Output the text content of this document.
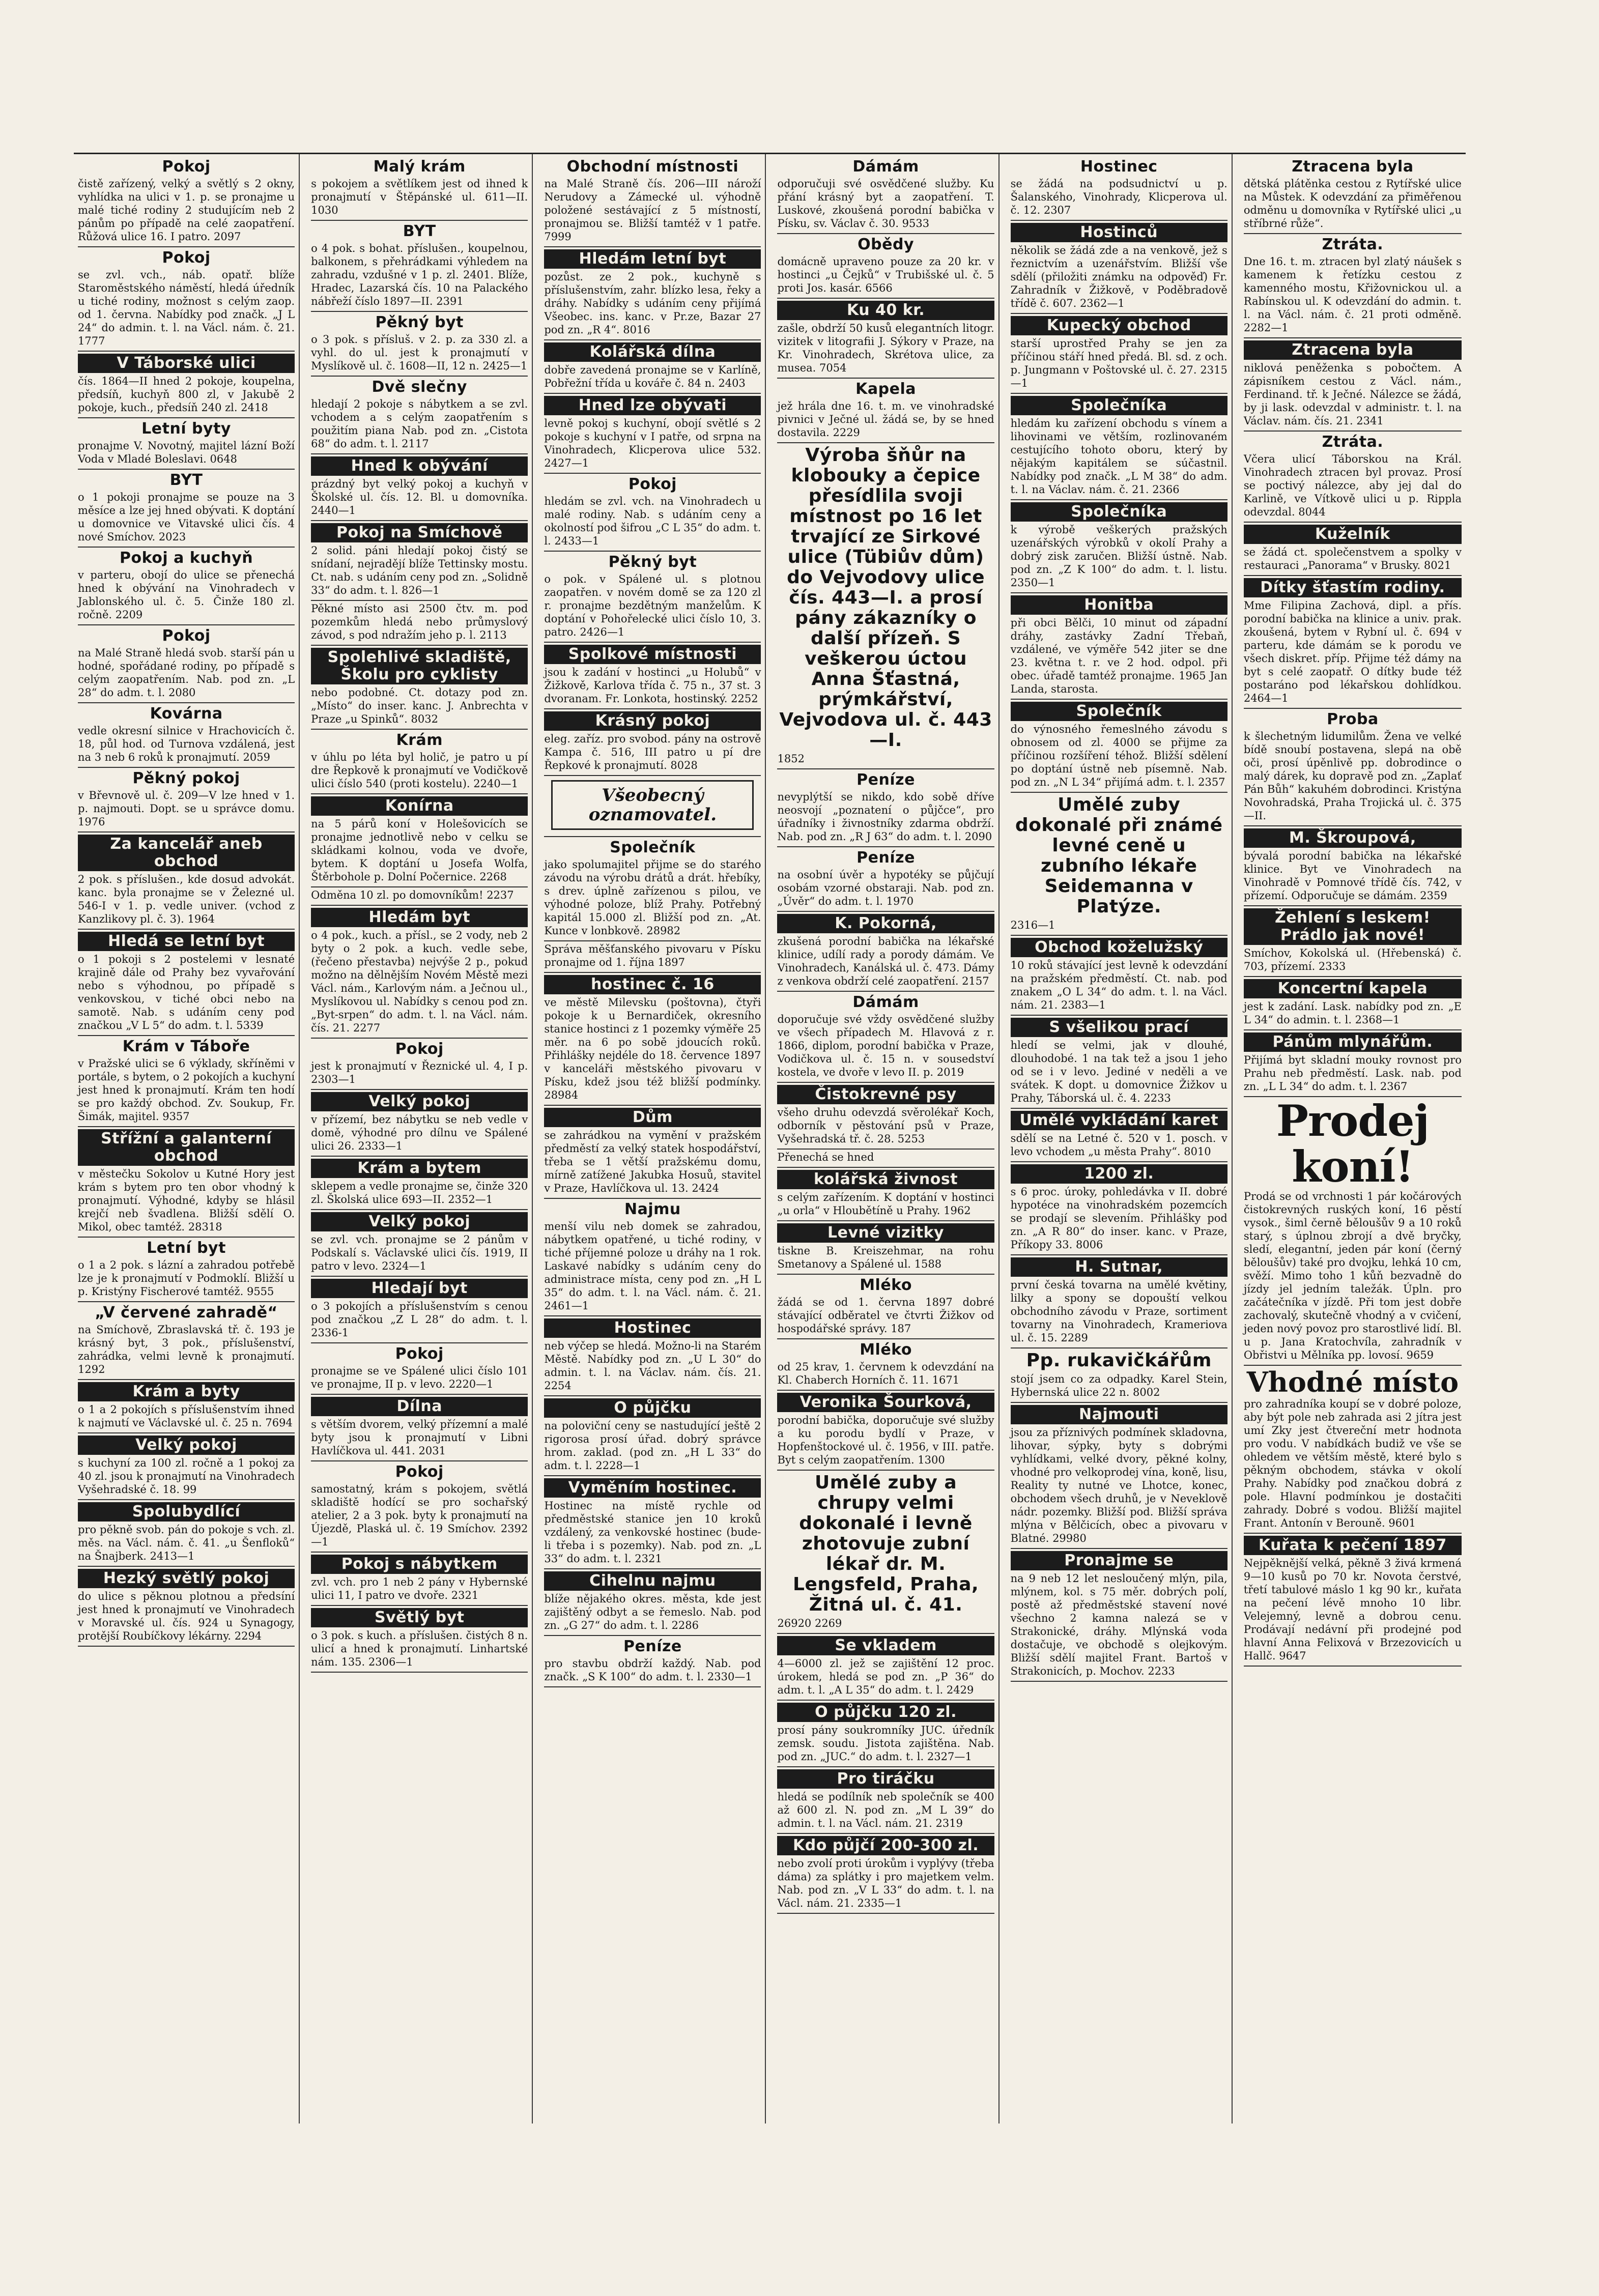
Pokoj

čistě zařízený, velký a světlý s 2 okny, vyhlídka na ulici v 1. p. se pronajme u malé tiché rodiny 2 studujícím neb 2 pánům po případě na celé zaopatření. Růžová ulice 16. I patro. 2097

Pokoj

se zvl. vch., náb. opatř. blíže Staroměstského náměstí, hledá úředník u tiché rodiny, možnost s celým zaop. od 1. června. Nabídky pod značk. „J L 24“ do admin. t. l. na Václ. nám. č. 21. 1777

V Táborské ulici

čís. 1864—II hned 2 pokoje, koupelna, předsíň, kuchyň 800 zl, v Jakubě 2 pokoje, kuch., předsíň 240 zl. 2418

Letní byty

pronajme V. Novotný, majitel lázní Boží Voda v Mladé Boleslavi. 0648

BYT

o 1 pokoji pronajme se pouze na 3 měsíce a lze jej hned obývati. K doptání u domovnice ve Vitavské ulici čís. 4 nové Smíchov. 2023

Pokoj a kuchyň

v parteru, obojí do ulice se přenechá hned k obývání na Vinohradech v Jablonského ul. č. 5. Činže 180 zl. ročně. 2209

Pokoj

na Malé Straně hledá svob. starší pán u hodné, spořádané rodiny, po případě s celým zaopatřením. Nab. pod zn. „L 28“ do adm. t. l. 2080

Kovárna

vedle okresní silnice v Hrachovicích č. 18, půl hod. od Turnova vzdálená, jest na 3 neb 6 roků k pronajmutí. 2059

Pěkný pokoj

v Břevnově ul. č. 209—V lze hned v 1. p. najmouti. Dopt. se u správce domu. 1976

Za kancelář aneb obchod

2 pok. s příslušen., kde dosud advokát. kanc. byla pronajme se v Železné ul. 546-I v 1. p. vedle univer. (vchod z Kanzlikovy pl. č. 3). 1964

Hledá se letní byt

o 1 pokoji s 2 postelemi v lesnaté krajině dále od Prahy bez vyvařování nebo s výhodnou, po případě s venkovskou, v tiché obci nebo na samotě. Nab. s udáním ceny pod značkou „V L 5“ do adm. t. l. 5339

Krám v Táboře

v Pražské ulici se 6 výklady, skříněmi v portále, s bytem, o 2 pokojích a kuchyní jest hned k pronajmutí. Krám ten hodí se pro každý obchod. Zv. Soukup, Fr. Šimák, majitel. 9357

Střížní a galanterní obchod

v městečku Sokolov u Kutné Hory jest krám s bytem pro ten obor vhodný k pronajmutí. Výhodné, kdyby se hlásil krejčí neb švadlena. Bližší sdělí O. Mikol, obec tamtéž. 28318

Letní byt

o 1 a 2 pok. s lázní a zahradou potřebě lze je k pronajmutí v Podmoklí. Bližší u p. Kristýny Fischerové tamtéž. 9555

„V červené zahradě“

na Smíchově, Zbraslavská tř. č. 193 je krásný byt, 3 pok., příslušenství, zahrádka, velmi levně k pronajmutí. 1292

Krám a byty

o 1 a 2 pokojích s příslušenstvím ihned k najmutí ve Václavské ul. č. 25 n. 7694

Velký pokoj

s kuchyní za 100 zl. ročně a 1 pokoj za 40 zl. jsou k pronajmutí na Vinohradech Vyšehradské č. 18. 99

Spolubydlící

pro pěkně svob. pán do pokoje s vch. zl. měs. na Václ. nám. č. 41. „u Šenfloků“ na Šnajberk. 2413—1

Hezký světlý pokoj

do ulice s pěknou plotnou a předsíní jest hned k pronajmutí ve Vinohradech v Moravské ul. čís. 924 u Synagogy, protější Roubíčkovy lékárny. 2294

Malý krám

s pokojem a světlíkem jest od ihned k pronajmutí v Štěpánské ul. 611—II. 1030

BYT

o 4 pok. s bohat. příslušen., koupelnou, balkonem, s přehrádkami výhledem na zahradu, vzdušné v 1 p. zl. 2401. Blíže, Hradec, Lazarská čís. 10 na Palackého nábřeží číslo 1897—II. 2391

Pěkný byt

o 3 pok. s přísluš. v 2. p. za 330 zl. a vyhl. do ul. jest k pronajmutí v Myslíkově ul. č. 1608—II, 12 n. 2425—1

Dvě slečny

hledají 2 pokoje s nábytkem a se zvl. vchodem a s celým zaopatřením s použitím piana Nab. pod zn. „Cistota 68“ do adm. t. l. 2117

Hned k obývání

prázdný byt velký pokoj a kuchyň v Školské ul. čís. 12. Bl. u domovníka. 2440—1

Pokoj na Smíchově

2 solid. páni hledají pokoj čistý se snídaní, nejradějí blíže Tettinsky mostu. Ct. nab. s udáním ceny pod zn. „Solidně 33“ do adm. t. l. 826—1

Pěkné místo asi 2500 čtv. m. pod pozemkům hledá nebo průmyslový závod, s pod ndražím jeho p. l. 2113

Spolehlivé skladiště, Školu pro cyklisty

nebo podobné. Ct. dotazy pod zn. „Místo“ do inser. kanc. J. Anbrechta v Praze „u Spinků“. 8032

Krám

v úhlu po léta byl holič, je patro u pí dre Řepkově k pronajmutí ve Vodičkově ulici číslo 540 (proti kostelu). 2240—1

Konírna

na 5 párů koní v Holešovicích se pronajme jednotlivě nebo v celku se skládkami kolnou, voda ve dvoře, bytem. K doptání u Josefa Wolfa, Štěrbohole p. Dolní Počernice. 2268

Odměna 10 zl. po domovníkům! 2237

Hledám byt

o 4 pok., kuch. a přísl., se 2 vody, neb 2 byty o 2 pok. a kuch. vedle sebe, (řečeno přestavba) nejvýše 2 p., pokud možno na dělnějším Novém Městě mezi Václ. nám., Karlovým nám. a Ječnou ul., Myslíkovou ul. Nabídky s cenou pod zn. „Byt-srpen“ do adm. t. l. na Václ. nám. čís. 21. 2277

Pokoj

jest k pronajmutí v Řeznické ul. 4, I p. 2303—1

Velký pokoj

v přízemí, bez nábytku se neb vedle v domě, výhodné pro dílnu ve Spálené ulici 26. 2333—1

Krám a bytem

sklepem a vedle pronajme se, činže 320 zl. Školská ulice 693—II. 2352—1

Velký pokoj

se zvl. vch. pronajme se 2 pánům v Podskalí s. Václavské ulici čís. 1919, II patro v levo. 2324—1

Hledají byt

o 3 pokojích a příslušenstvím s cenou pod značkou „Z L 28“ do adm. t. l. 2336-1

Pokoj

pronajme se ve Spálené ulici číslo 101 ve pronajme, II p. v levo. 2220—1

Dílna

s větším dvorem, velký přízemní a malé byty jsou k pronajmutí v Libni Havlíčkova ul. 441. 2031

Pokoj

samostatný, krám s pokojem, světlá skladiště hodící se pro sochařský atelier, 2 a 3 pok. byty k pronajmutí na Újezdě, Plaská ul. č. 19 Smíchov. 2392—1

Pokoj s nábytkem

zvl. vch. pro 1 neb 2 pány v Hybernské ulici 11, I patro ve dvoře. 2321

Světlý byt

o 3 pok. s kuch. a příslušen. čistých 8 n. ulicí a hned k pronajmutí. Linhartské nám. 135. 2306—1

Obchodní místnosti

na Malé Straně čís. 206—III nároží Nerudovy a Zámecké ul. výhodně položené sestávající z 5 místností, pronajmou se. Bližší tamtéž v 1 patře. 7999

Hledám letní byt

pozůst. ze 2 pok., kuchyně s příslušenstvím, zahr. blízko lesa, řeky a dráhy. Nabídky s udáním ceny přijímá Všeobec. ins. kanc. v Pr.ze, Bazar 27 pod zn. „R 4“. 8016

Kolářská dílna

dobře zavedená pronajme se v Karlíně, Pobřežní třída u kováře č. 84 n. 2403

Hned lze obývati

levně pokoj s kuchyní, obojí světlé s 2 pokoje s kuchyní v I patře, od srpna na Vinohradech, Klicperova ulice 532. 2427—1

Pokoj

hledám se zvl. vch. na Vinohradech u malé rodiny. Nab. s udáním ceny a okolností pod šifrou „C L 35“ do adm. t. l. 2433—1

Pěkný byt

o pok. v Spálené ul. s plotnou zaopatřen. v novém domě se za 120 zl r. pronajme bezdětným manželům. K doptání v Pohořelecké ulici číslo 10, 3. patro. 2426—1

Spolkové místnosti

jsou k zadání v hostinci „u Holubů“ v Žižkově, Karlova třída č. 75 n., 37 st. 3 dvoranam. Fr. Lonkota, hostinský. 2252

Krásný pokoj

eleg. zaříz. pro svobod. pány na ostrově Kampa č. 516, III patro u pí dre Řepkové k pronajmutí. 8028

Všeobecný oznamovatel.
Společník

jako spolumajitel přijme se do starého závodu na výrobu drátů a drát. hřebíky, s drev. úplně zařízenou s pilou, ve výhodné poloze, blíž Prahy. Potřebný kapitál 15.000 zl. Bližší pod zn. „At. Kunce v lonbkově. 28982

Správa měšťanského pivovaru v Písku pronajme od 1. října 1897

hostinec č. 16

ve městě Milevsku (poštovna), čtyři pokoje k u Bernardiček, okresního stanice hostinci z 1 pozemky výměře 25 měr. na 6 po sobě jdoucích roků. Přihlášky nejdéle do 18. července 1897 v kanceláři městského pivovaru v Písku, kdež jsou též bližší podmínky. 28984

Dům

se zahrádkou na vymění v pražském předměstí za velký statek hospodářství, třeba se 1 větší pražskému domu, mírně zatížené Jakubka Hosuů, stavitel v Praze, Havlíčkova ul. 13. 2424

Najmu

menší vilu neb domek se zahradou, nábytkem opatřené, u tiché rodiny, v tiché příjemné poloze u dráhy na 1 rok. Laskavé nabídky s udáním ceny do administrace místa, ceny pod zn. „H L 35“ do adm. t. l. na Václ. nám. č. 21. 2461—1

Hostinec

neb výčep se hledá. Možno-li na Starém Městě. Nabídky pod zn. „U L 30“ do admin. t. l. na Václav. nám. čís. 21. 2254

O půjčku

na poloviční ceny se nastudující ještě 2 rigorosa prosí úřad. dobrý správce hrom. zaklad. (pod zn. „H L 33“ do adm. t. l. 2228—1

Vyměním hostinec.

Hostinec na místě rychle od předměstské stanice jen 10 kroků vzdálený, za venkovské hostinec (bude-li třeba i s pozemky). Nab. pod zn. „L 33“ do adm. t. l. 2321

Cihelnu najmu

blíže nějakého okres. města, kde jest zajištěný odbyt a se řemeslo. Nab. pod zn. „G 27“ do adm. t. l. 2286

Peníze

pro stavbu obdrží každý. Nab. pod značk. „S K 100“ do adm. t. l. 2330—1

Dámám

odporučuji své osvědčené služby. Ku přání krásný byt a zaopatření. T. Luskové, zkoušená porodní babička v Písku, sv. Václav č. 30. 9533

Obědy

domácně upraveno pouze za 20 kr. v hostinci „u Čejků“ v Trubišské ul. č. 5 proti Jos. kasár. 6566

Ku 40 kr.

zašle, obdrží 50 kusů elegantních litogr. vizitek v litografii J. Sýkory v Praze, na Kr. Vinohradech, Skrétova ulice, za musea. 7054

Kapela

jež hrála dne 16. t. m. ve vinohradské pivnici v Ječné ul. žádá se, by se hned dostavila. 2229

Výroba šňůr na klobouky a čepice přesídlila svoji místnost po 16 let trvající ze Sirkové ulice (Tübiův dům) do Vejvodovy ulice čís. 443—I. a prosí pány zákazníky o další přízeň. S veškerou úctou Anna Šťastná, prýmkářství, Vejvodova ul. č. 443—I.

1852

Peníze

nevyplýtší se nikdo, kdo sobě dříve neosvojí „poznatení o půjčce“, pro úřadníky i živnostníky zdarma obdrží. Nab. pod zn. „R J 63“ do adm. t. l. 2090

Peníze

na osobní úvěr a hypotéky se půjčují osobám vzorné obstaraji. Nab. pod zn. „Úvěr“ do adm. t. l. 1970

K. Pokorná,

zkušená porodní babička na lékařské klinice, udílí rady a porody dámám. Ve Vinohradech, Kanálská ul. č. 473. Dámy z venkova obdrží celé zaopatření. 2157

Dámám

doporučuje své vždy osvědčené služby ve všech případech M. Hlavová z r. 1866, diplom, porodní babička v Praze, Vodičkova ul. č. 15 n. v sousedství kostela, ve dvoře v levo II. p. 2019

Čistokrevné psy

všeho druhu odevzdá svěrolékař Koch, odborník v pěstování psů v Praze, Vyšehradská tř. č. 28. 5253

Přenechá se hned

kolářská živnost

s celým zařízením. K doptání v hostinci „u orla“ v Hloubětíně u Prahy. 1962

Levné vizitky

tiskne B. Kreiszehmar, na rohu Smetanovy a Spálené ul. 1588

Mléko

žádá se od 1. června 1897 dobré stávající odběratel ve čtvrti Žižkov od hospodářské správy. 187

Mléko

od 25 krav, 1. červnem k odevzdání na Kl. Chaberch Horních č. 11. 1671

Veronika Šourková,

porodní babička, doporučuje své služby a ku porodu bydlí v Praze, v Hopfenštockové ul. č. 1956, v III. patře. Byt s celým zaopatřením. 1300

Umělé zuby a chrupy velmi dokonalé i levně zhotovuje zubní lékař dr. M. Lengsfeld, Praha, Žitná ul. č. 41.

26920 2269

Se vkladem

4—6000 zl. jež se zajištění 12 proc. úrokem, hledá se pod zn. „P 36“ do adm. t. l. „A L 35“ do adm. t. l. 2429

O půjčku 120 zl.

prosí pány soukromníky JUC. úředník zemsk. soudu. Jistota zajištěna. Nab. pod zn. „JUC.“ do adm. t. l. 2327—1

Pro tiráčku

hledá se podílník neb společník se 400 až 600 zl. N. pod zn. „M L 39“ do admin. t. l. na Václ. nám. 21. 2319

Kdo půjčí 200-300 zl.

nebo zvolí proti úrokům i vyplývy (třeba dáma) za splátky i pro majetkem velm. Nab. pod zn. „V L 33“ do adm. t. l. na Václ. nám. 21. 2335—1

Hostinec

se žádá na podsudnictví u p. Šalanského, Vinohrady, Klicperova ul. č. 12. 2307

Hostinců

několik se žádá zde a na venkově, jež s řeznictvím a uzenářstvím. Bližší vše sdělí (přiložiti známku na odpověď) Fr. Zahradník v Žižkově, v Poděbradově třídě č. 607. 2362—1

Kupecký obchod

starší uprostřed Prahy se jen za příčinou stáří hned předá. Bl. sd. z och. p. Jungmann v Poštovské ul. č. 27. 2315—1

Společníka

hledám ku zařízení obchodu s vínem a lihovinami ve větším, rozlinovaném cestujícího tohoto oboru, který by nějakým kapitálem se súčastnil. Nabídky pod značk. „L M 38“ do adm. t. l. na Václav. nám. č. 21. 2366

Společníka

k výrobě veškerých pražských uzenářských výrobků v okolí Prahy a dobrý zisk zaručen. Bližší ústně. Nab. pod zn. „Z K 100“ do adm. t. l. listu. 2350—1

Honitba

při obci Bělči, 10 minut od západní dráhy, zastávky Zadní Třebaň, vzdálené, ve výměře 542 jiter se dne 23. května t. r. ve 2 hod. odpol. při obec. úřadě tamtéž pronajme. 1965 Jan Landa, starosta.

Společník

do výnosného řemeslného závodu s obnosem od zl. 4000 se přijme za příčinou rozšíření téhož. Bližší sdělení po doptání ústně neb písemně. Nab. pod zn. „N L 34“ přijímá adm. t. l. 2357

Umělé zuby dokonalé při známé levné ceně u zubního lékaře Seidemanna v Platýze.

2316—1

Obchod koželužský

10 roků stávající jest levně k odevzdání na pražském předměstí. Ct. nab. pod znakem „O L 34“ do adm. t. l. na Václ. nám. 21. 2383—1

S všelikou prací

hledí se velmi, jak v dlouhé, dlouhodobé. 1 na tak tež a jsou 1 jeho od se i v levo. Jediné v neděli a ve svátek. K dopt. u domovnice Žižkov u Prahy, Táborská ul. č. 4. 2233

Umělé vykládání karet

sdělí se na Letné č. 520 v 1. posch. v levo vchodem „u města Prahy“. 8010

1200 zl.

s 6 proc. úroky, pohledávka v II. dobré hypotéce na vinohradském pozemcích se prodají se slevením. Přihlášky pod zn. „A R 80“ do inser. kanc. v Praze, Příkopy 33. 8006

H. Sutnar,

první česká tovarna na umělé květiny, lilky a spony se dopouští velkou obchodního závodu v Praze, sortiment tovarny na Vinohradech, Krameriova ul. č. 15. 2289

Pp. rukavičkářům

stojí jsem co za odpadky. Karel Stein, Hybernská ulice 22 n. 8002

Najmouti

jsou za příznivých podmínek skladovna, lihovar, sýpky, byty s dobrými vyhlídkami, velké dvory, pěkné kolny, vhodné pro velkoprodej vína, koně, lisu, Reality ty nutné ve Lhotce, konec, obchodem všech druhů, je v Neveklově nádr. pozemky. Bližší pod. Bližší správa mlýna v Bělčicích, obec a pivovaru v Blatné. 29980

Pronajme se

na 9 neb 12 let nesloučený mlýn, pila, mlýnem, kol. s 75 měr. dobrých polí, postě až předměstské stavení nové všechno 2 kamna nalezá se v Strakonické, dráhy. Mlýnská voda dostačuje, ve obchodě s olejkovým. Bližší sdělí majitel Frant. Bartoš v Strakonicích, p. Mochov. 2233

Ztracena byla

dětská plátěnka cestou z Rytířské ulice na Můstek. K odevzdání za přiměřenou odměnu u domovníka v Rytířské ulici „u stříbrné růže“.

Ztráta.

Dne 16. t. m. ztracen byl zlatý náušek s kamenem k řetízku cestou z kamenného mostu, Křižovnickou ul. a Rabínskou ul. K odevzdání do admin. t. l. na Václ. nám. č. 21 proti odměně. 2282—1

Ztracena byla

niklová peněženka s pobočtem. A zápisníkem cestou z Václ. nám., Ferdinand. tř. k Ječné. Nálezce se žádá, by ji lask. odevzdal v administr. t. l. na Václav. nám. čís. 21. 2341

Ztráta.

Včera ulicí Táborskou na Král. Vinohradech ztracen byl provaz. Prosí se poctivý nálezce, aby jej dal do Karlině, ve Vítkově ulici u p. Rippla odevzdal. 8044

Kuželník

se žádá ct. společenstvem a spolky v restauraci „Panorama“ v Brusky. 8021

Dítky šťastím rodiny.

Mme Filipina Zachová, dipl. a přís. porodní babička na klinice a univ. prak. zkoušená, bytem v Rybní ul. č. 694 v parteru, kde dámám se k porodu ve všech diskret. příp. Přijme též dámy na byt s celé zaopatř. O dítky bude též postaráno pod lékařskou dohlídkou. 2464—1

Proba

k šlechetným lidumilům. Žena ve velké bídě snoubí postavena, slepá na obě oči, prosí úpěnlivě pp. dobrodince o malý dárek, ku dopravě pod zn. „Zaplať Pán Bůh“ kakuhém dobrodinci. Kristýna Novohradská, Praha Trojická ul. č. 375—II.

M. Škroupová,

bývalá porodní babička na lékařské klinice. Byt ve Vinohradech na Vinohradě v Pomnové třídě čís. 742, v přízemí. Odporučuje se dámám. 2359

Žehlení s leskem! Prádlo jak nové!

Smíchov, Kokolská ul. (Hřebenská) č. 703, přízemí. 2333

Koncertní kapela

jest k zadání. Lask. nabídky pod zn. „E L 34“ do admin. t. l. 2368—1

Pánům mlynářům.

Přijímá byt skladní mouky rovnost pro Prahu neb předměstí. Lask. nab. pod zn. „L L 34“ do adm. t. l. 2367

Prodej koní!

Prodá se od vrchnosti 1 pár kočárových čistokrevných ruských koní, 16 pěstí vysok., šiml černě běloušův 9 a 10 roků starý, s úplnou zbrojí a dvě bryčky, sledí, elegantní, jeden pár koní (černý běloušův) také pro dvojku, lehká 10 cm, svěží. Mimo toho 1 kůň bezvadně do jízdy jel jedním taležák. Úpln. pro začátečníka v jízdě. Při tom jest dobře zachovalý, skutečně vhodný a v cvičení, jeden nový povoz pro starostlivé lidí. Bl. u p. Jana Kratochvíla, zahradník v Obřistvi u Mělníka pp. lovosí. 9659

Vhodné místo

pro zahradníka koupí se v dobré poloze, aby být pole neb zahrada asi 2 jítra jest umí Zky jest čtvereční metr hodnota pro vodu. V nabídkách budiž ve vše se ohledem ve větším městě, které bylo s pěkným obchodem, stávka v okolí Prahy. Nabídky pod značkou dobrá z pole. Hlavní podmínkou je dostačiti zahrady. Dobré s vodou. Bližší majitel Frant. Antonín v Berouně. 9601

Kuřata k pečení 1897

Nejpěknější velká, pěkně 3 živá krmená 9—10 kusů po 70 kr. Novota čerstvé, třetí tabulové máslo 1 kg 90 kr., kuřata na pečení lévě mnoho 10 libr. Velejemný, levně a dobrou cenu. Prodávají nedávní při prodejné pod hlavní Anna Felixová v Brzezovicích u Hallč. 9647
